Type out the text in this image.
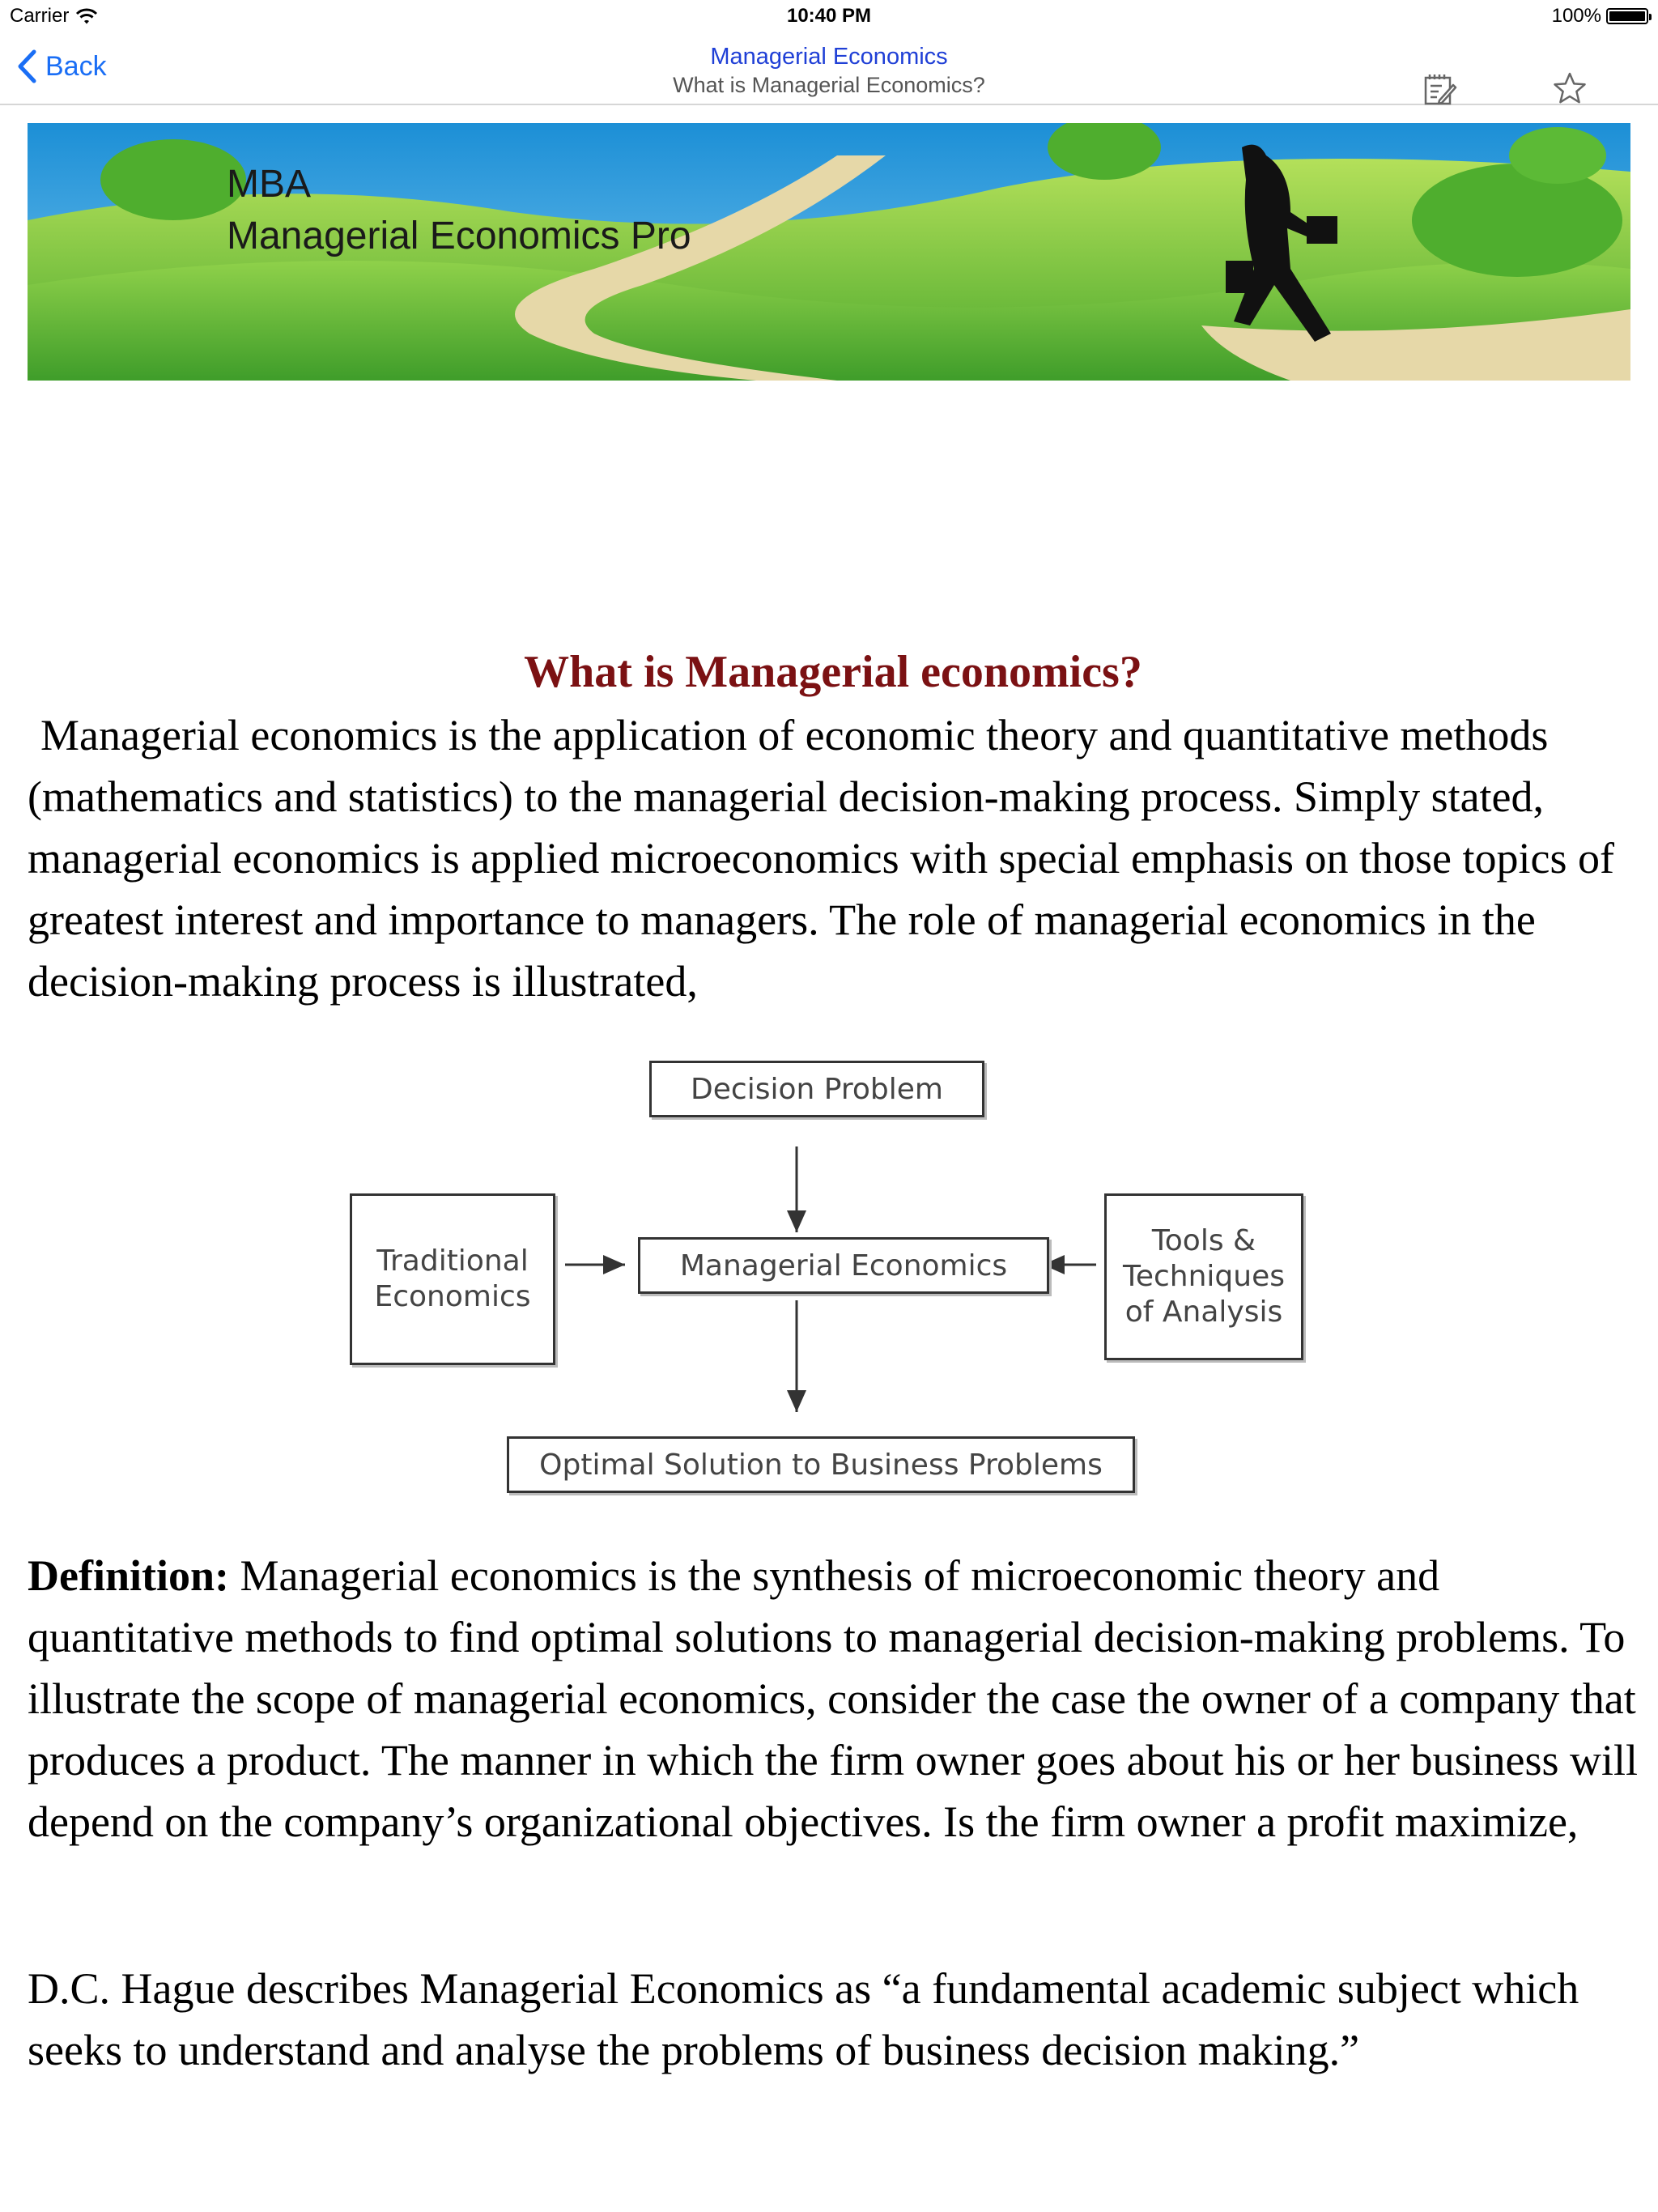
Carrier	10:40 PM	100%
Back	Managerial Economics
What is Managerial Economics?
MBA
Managerial Economics Pro
What is Managerial economics?

Managerial economics is the application of economic theory and quantitative methods (mathematics and statistics) to the managerial decision-making process. Simply stated, managerial economics is applied microeconomics with special emphasis on those topics of greatest interest and importance to managers. The role of managerial economics in the decision-making process is illustrated,

Decision Problem
Traditional Economics
Managerial Economics
Tools & Techniques of Analysis
Optimal Solution to Business Problems

Definition: Managerial economics is the synthesis of microeconomic theory and quantitative methods to find optimal solutions to managerial decision-making problems. To illustrate the scope of managerial economics, consider the case the owner of a company that produces a product. The manner in which the firm owner goes about his or her business will depend on the company’s organizational objectives. Is the firm owner a profit maximize,

D.C. Hague describes Managerial Economics as “a fundamental academic subject which seeks to understand and analyse the problems of business decision making.”
